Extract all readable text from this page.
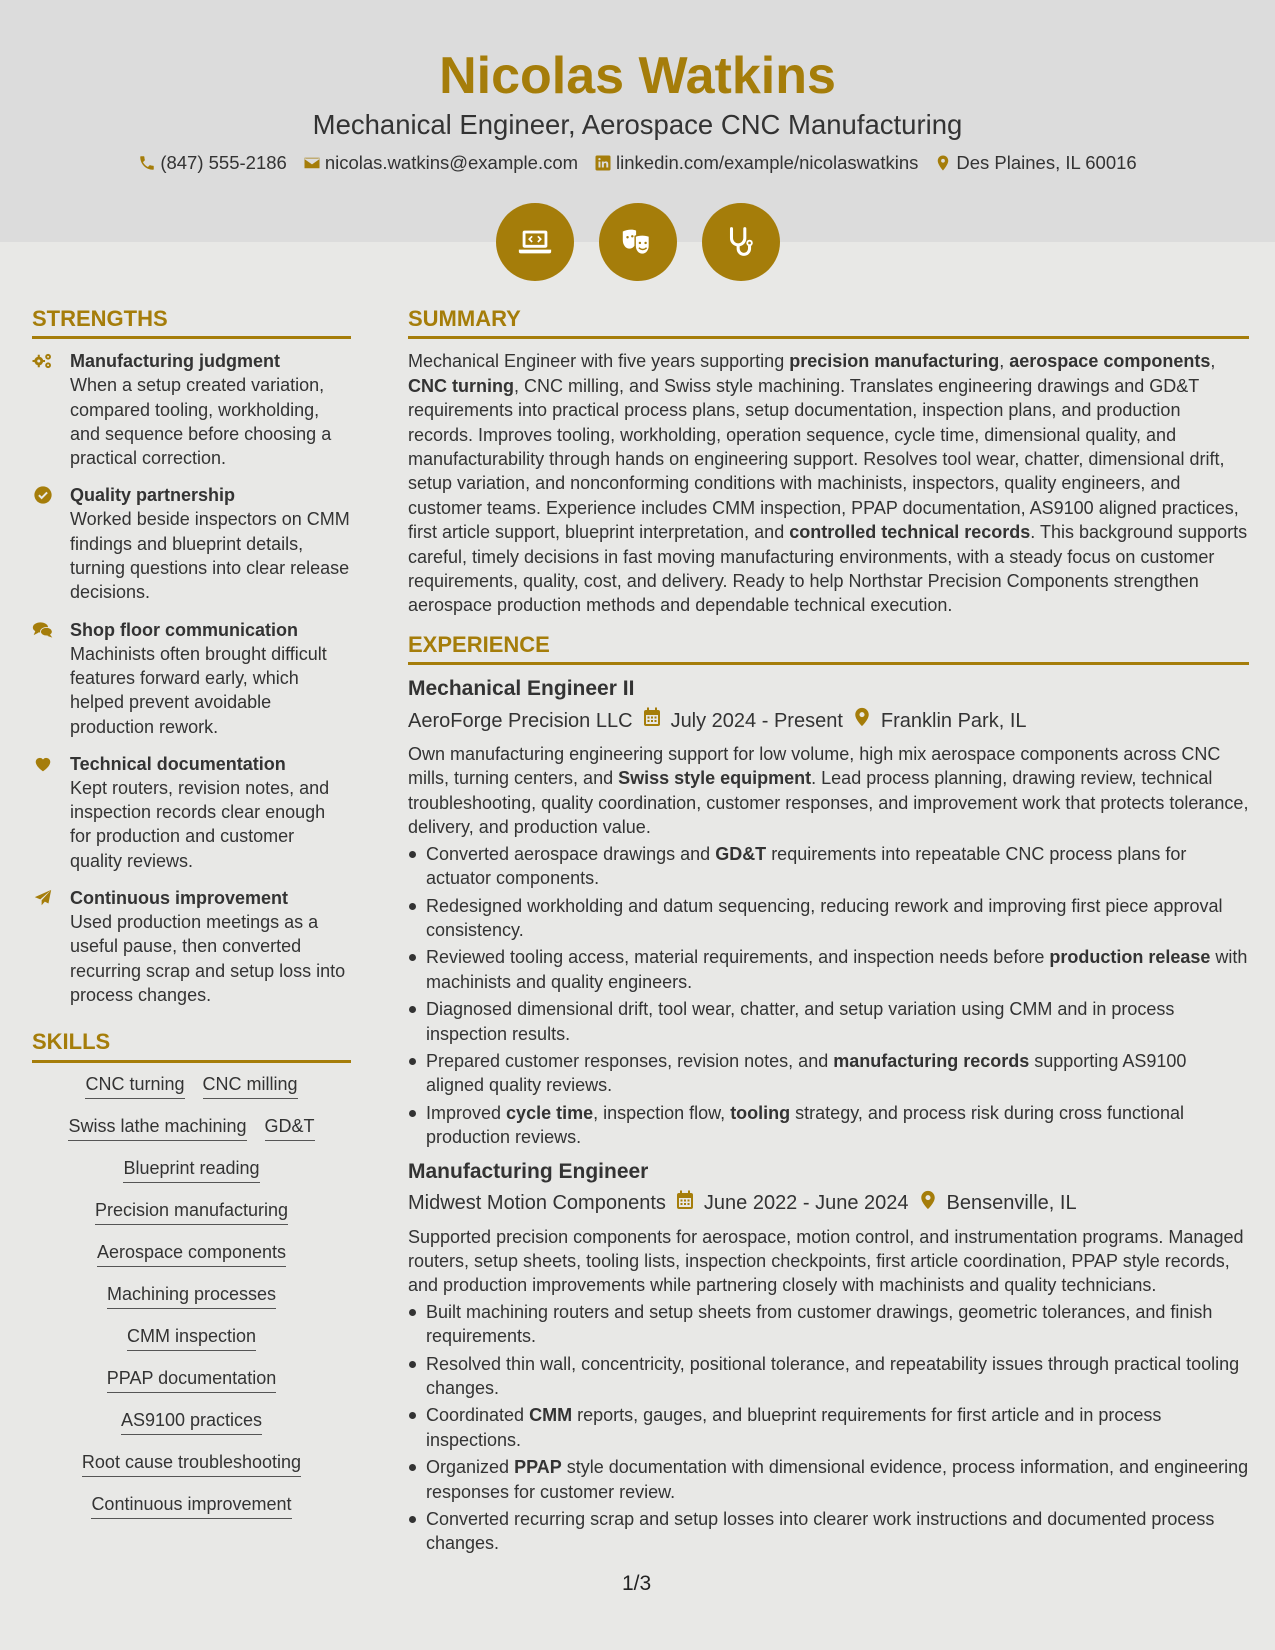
Nicolas Watkins
Mechanical Engineer, Aerospace CNC Manufacturing
(847) 555-2186 nicolas.watkins@example.com linkedin.com/example/nicolaswatkins Des Plaines, IL 60016
STRENGTHS
Manufacturing judgment
When a setup created variation, compared tooling, workholding, and sequence before choosing a practical correction.
Quality partnership
Worked beside inspectors on CMM findings and blueprint details, turning questions into clear release decisions.
Shop floor communication
Machinists often brought difficult features forward early, which helped prevent avoidable production rework.
Technical documentation
Kept routers, revision notes, and inspection records clear enough for production and customer quality reviews.
Continuous improvement
Used production meetings as a useful pause, then converted recurring scrap and setup loss into process changes.
SKILLS
CNC turning CNC milling
Swiss lathe machining GD&T
Blueprint reading
Precision manufacturing
Aerospace components
Machining processes
CMM inspection
PPAP documentation
AS9100 practices
Root cause troubleshooting
Continuous improvement
SUMMARY

Mechanical Engineer with five years supporting precision manufacturing, aerospace components, CNC turning, CNC milling, and Swiss style machining. Translates engineering drawings and GD&T requirements into practical process plans, setup documentation, inspection plans, and production records. Improves tooling, workholding, operation sequence, cycle time, dimensional quality, and manufacturability through hands on engineering support. Resolves tool wear, chatter, dimensional drift, setup variation, and nonconforming conditions with machinists, inspectors, quality engineers, and customer teams. Experience includes CMM inspection, PPAP documentation, AS9100 aligned practices, first article support, blueprint interpretation, and controlled technical records. This background supports careful, timely decisions in fast moving manufacturing environments, with a steady focus on customer requirements, quality, cost, and delivery. Ready to help Northstar Precision Components strengthen aerospace production methods and dependable technical execution.

EXPERIENCE
Mechanical Engineer II
AeroForge Precision LLC July 2024 - Present Franklin Park, IL

Own manufacturing engineering support for low volume, high mix aerospace components across CNC mills, turning centers, and Swiss style equipment. Lead process planning, drawing review, technical troubleshooting, quality coordination, customer responses, and improvement work that protects tolerance, delivery, and production value.

Converted aerospace drawings and GD&T requirements into repeatable CNC process plans for actuator components.
Redesigned workholding and datum sequencing, reducing rework and improving first piece approval consistency.
Reviewed tooling access, material requirements, and inspection needs before production release with machinists and quality engineers.
Diagnosed dimensional drift, tool wear, chatter, and setup variation using CMM and in process inspection results.
Prepared customer responses, revision notes, and manufacturing records supporting AS9100 aligned quality reviews.
Improved cycle time, inspection flow, tooling strategy, and process risk during cross functional production reviews.
Manufacturing Engineer
Midwest Motion Components June 2022 - June 2024 Bensenville, IL

Supported precision components for aerospace, motion control, and instrumentation programs. Managed routers, setup sheets, tooling lists, inspection checkpoints, first article coordination, PPAP style records, and production improvements while partnering closely with machinists and quality technicians.

Built machining routers and setup sheets from customer drawings, geometric tolerances, and finish requirements.
Resolved thin wall, concentricity, positional tolerance, and repeatability issues through practical tooling changes.
Coordinated CMM reports, gauges, and blueprint requirements for first article and in process inspections.
Organized PPAP style documentation with dimensional evidence, process information, and engineering responses for customer review.
Converted recurring scrap and setup losses into clearer work instructions and documented process changes.
1/3
